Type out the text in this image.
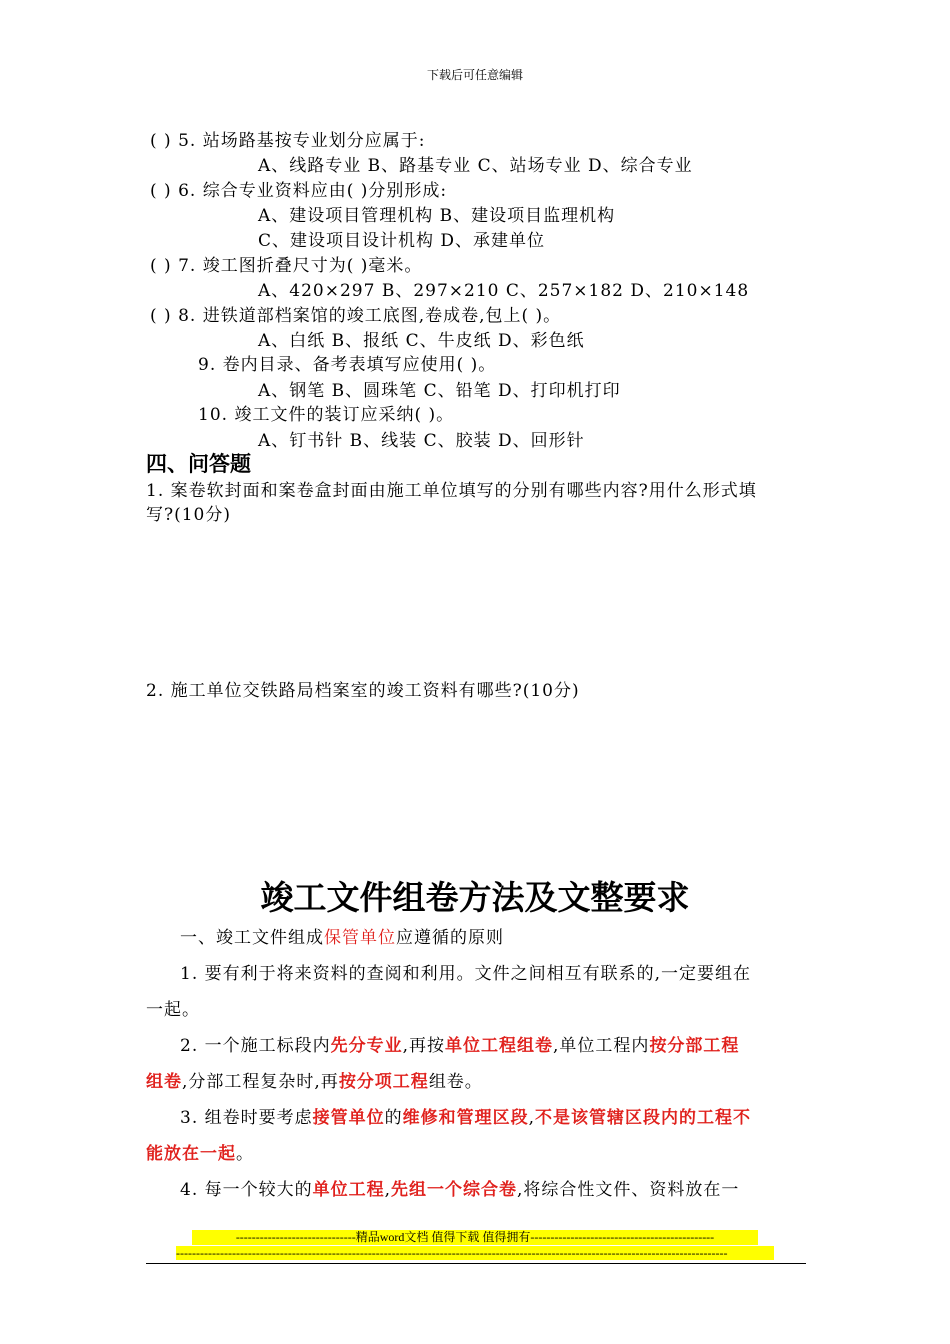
下载后可任意编辑
( ) 5. 站场路基按专业划分应属于:
A、线路专业 B、路基专业 C、站场专业 D、综合专业
( ) 6. 综合专业资料应由( )分别形成:
A、建设项目管理机构 B、建设项目监理机构
C、建设项目设计机构 D、承建单位
( ) 7. 竣工图折叠尺寸为( )毫米。
A、420×297 B、297×210 C、257×182 D、210×148
( ) 8. 进铁道部档案馆的竣工底图,卷成卷,包上( )。
A、白纸 B、报纸 C、牛皮纸 D、彩色纸
9. 卷内目录、备考表填写应使用( )。
A、钢笔 B、圆珠笔 C、铅笔 D、打印机打印
10. 竣工文件的装订应采纳( )。
A、钉书针 B、线装 C、胶装 D、回形针
四、问答题
1. 案卷软封面和案卷盒封面由施工单位填写的分别有哪些内容?用什么形式填
写?(10分)
2. 施工单位交铁路局档案室的竣工资料有哪些?(10分)
竣工文件组卷方法及文整要求
一、竣工文件组成保管单位应遵循的原则
1. 要有利于将来资料的查阅和利用。文件之间相互有联系的,一定要组在
一起。
2. 一个施工标段内先分专业,再按单位工程组卷,单位工程内按分部工程
组卷,分部工程复杂时,再按分项工程组卷。
3. 组卷时要考虑接管单位的维修和管理区段,不是该管辖区段内的工程不
能放在一起。
4. 每一个较大的单位工程,先组一个综合卷,将综合性文件、资料放在一
------------------------------精品word文档 值得下载 值得拥有----------------------------------------------
------------------------------------------------------------------------------------------------------------------------------------------
